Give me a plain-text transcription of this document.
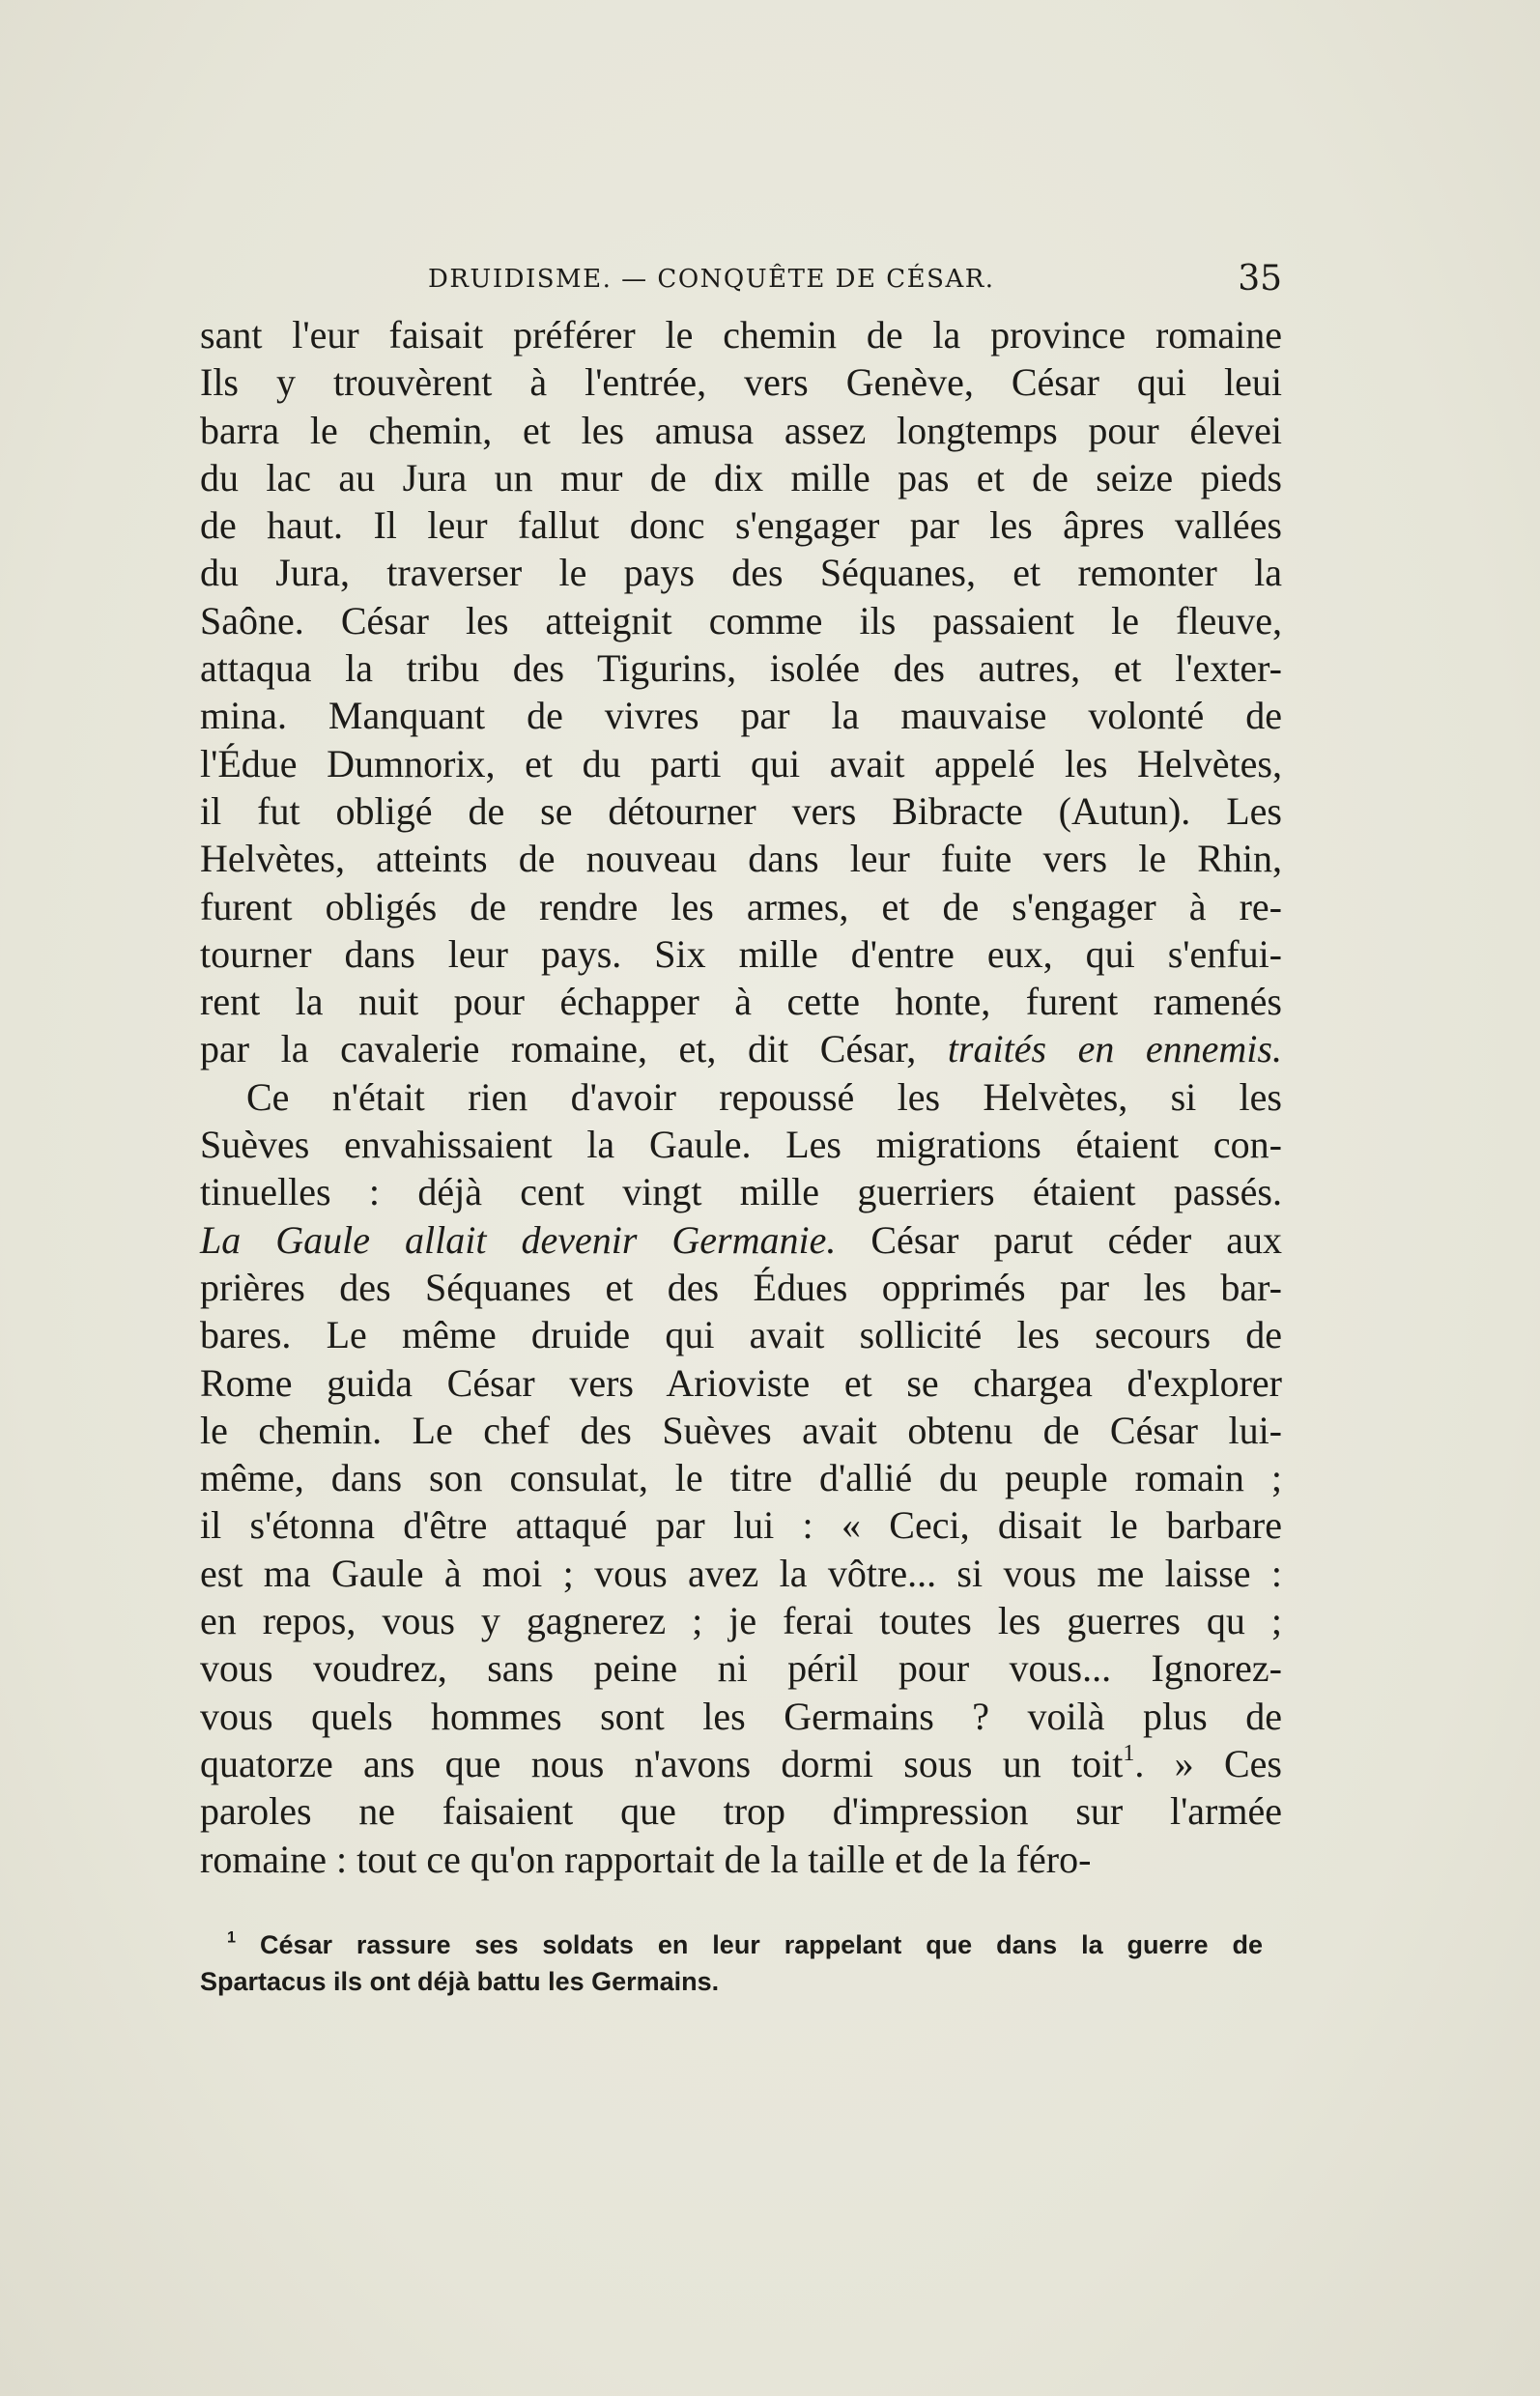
DRUIDISME. — CONQUÊTE DE CÉSAR.	35
sant l'eur faisait préférer le chemin de la province romaine
Ils y trouvèrent à l'entrée, vers Genève, César qui leui
barra le chemin, et les amusa assez longtemps pour élevei
du lac au Jura un mur de dix mille pas et de seize pieds
de haut. Il leur fallut donc s'engager par les âpres vallées
du Jura, traverser le pays des Séquanes, et remonter la
Saône. César les atteignit comme ils passaient le fleuve,
attaqua la tribu des Tigurins, isolée des autres, et l'exter-
mina. Manquant de vivres par la mauvaise volonté de
l'Édue Dumnorix, et du parti qui avait appelé les Helvètes,
il fut obligé de se détourner vers Bibracte (Autun). Les
Helvètes, atteints de nouveau dans leur fuite vers le Rhin,
furent obligés de rendre les armes, et de s'engager à re-
tourner dans leur pays. Six mille d'entre eux, qui s'enfui-
rent la nuit pour échapper à cette honte, furent ramenés
par la cavalerie romaine, et, dit César, traités en ennemis.
Ce n'était rien d'avoir repoussé les Helvètes, si les
Suèves envahissaient la Gaule. Les migrations étaient con-
tinuelles : déjà cent vingt mille guerriers étaient passés.
La Gaule allait devenir Germanie. César parut céder aux
prières des Séquanes et des Édues opprimés par les bar-
bares. Le même druide qui avait sollicité les secours de
Rome guida César vers Arioviste et se chargea d'explorer
le chemin. Le chef des Suèves avait obtenu de César lui-
même, dans son consulat, le titre d'allié du peuple romain ;
il s'étonna d'être attaqué par lui : « Ceci, disait le barbare
est ma Gaule à moi ; vous avez la vôtre... si vous me laisse :
en repos, vous y gagnerez ; je ferai toutes les guerres qu ;
vous voudrez, sans peine ni péril pour vous... Ignorez-
vous quels hommes sont les Germains ? voilà plus de
quatorze ans que nous n'avons dormi sous un toit$^1$. » Ces
paroles ne faisaient que trop d'impression sur l'armée
romaine : tout ce qu'on rapportait de la taille et de la féro-
$^1$ César rassure ses soldats en leur rappelant que dans la guerre de
Spartacus ils ont déjà battu les Germains.
